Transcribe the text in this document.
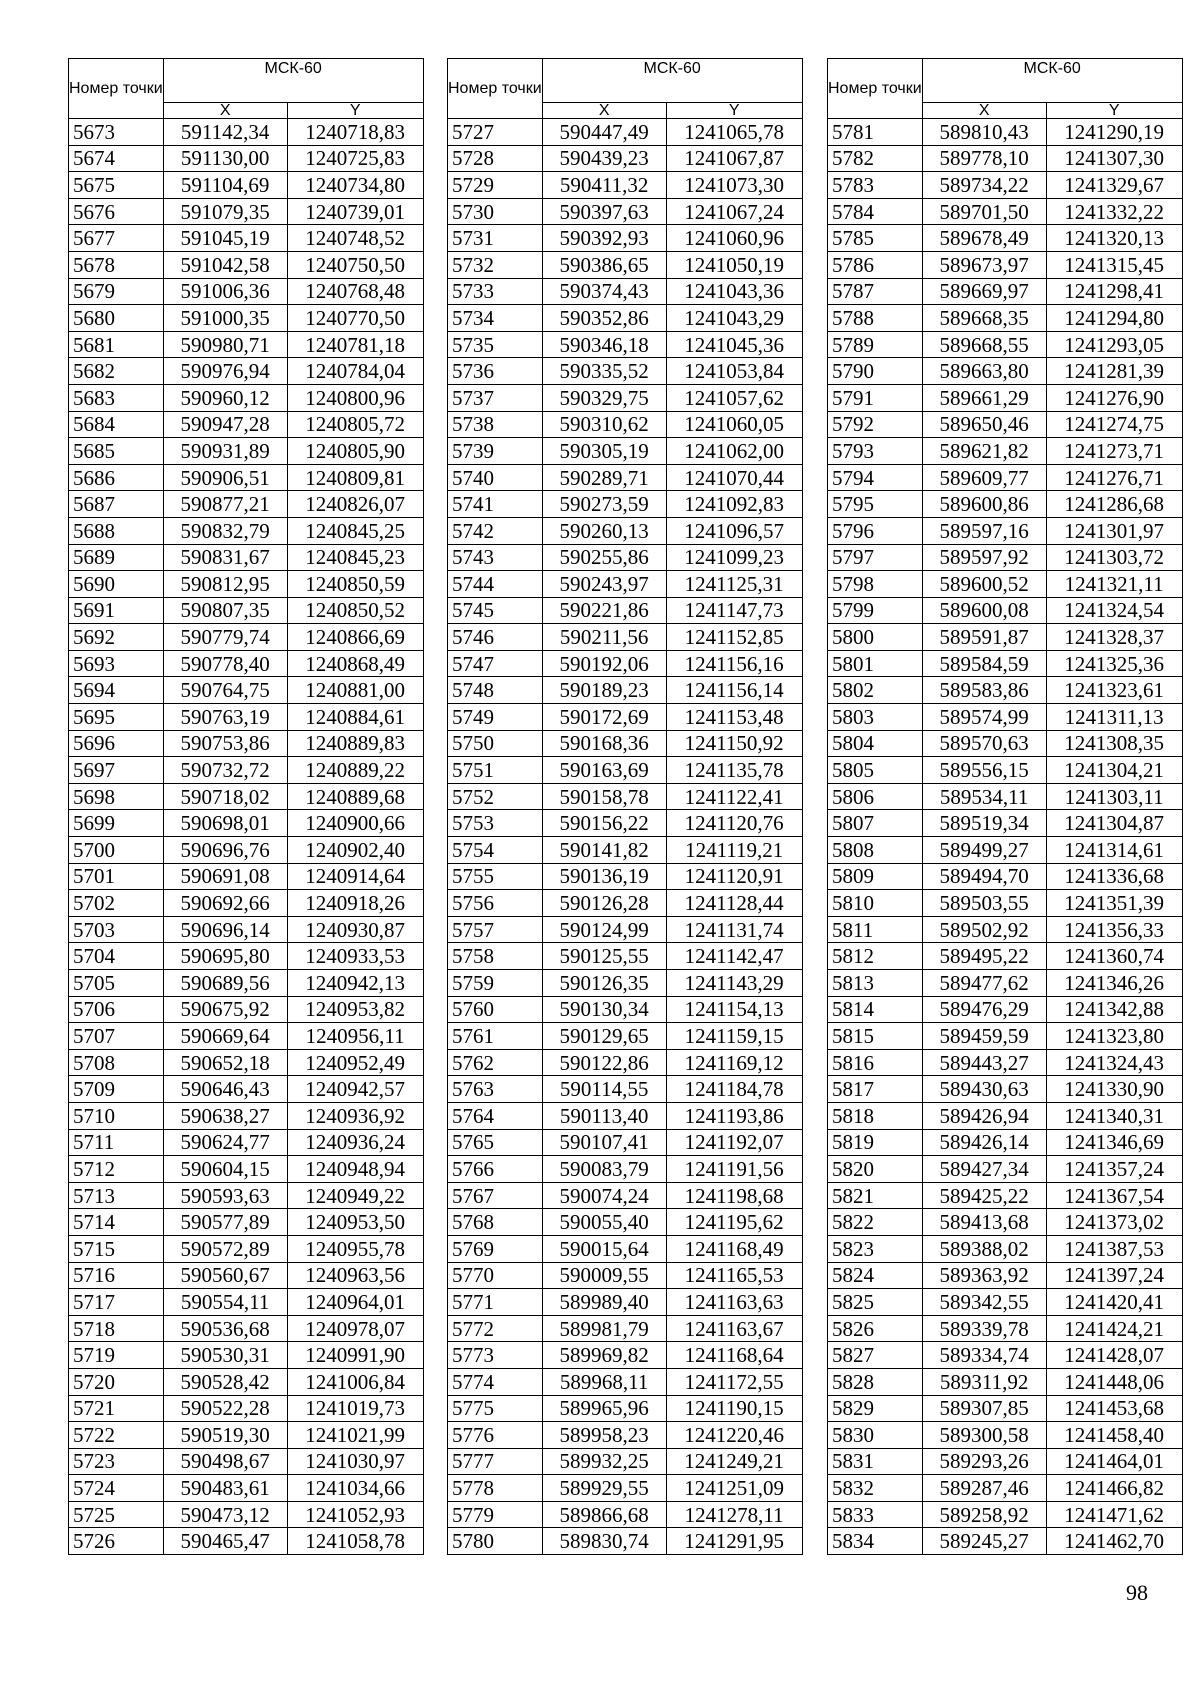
Номер точки	МСК-60	
	X	Y
5673	591142,34	1240718,83
5674	591130,00	1240725,83
5675	591104,69	1240734,80
5676	591079,35	1240739,01
5677	591045,19	1240748,52
5678	591042,58	1240750,50
5679	591006,36	1240768,48
5680	591000,35	1240770,50
5681	590980,71	1240781,18
5682	590976,94	1240784,04
5683	590960,12	1240800,96
5684	590947,28	1240805,72
5685	590931,89	1240805,90
5686	590906,51	1240809,81
5687	590877,21	1240826,07
5688	590832,79	1240845,25
5689	590831,67	1240845,23
5690	590812,95	1240850,59
5691	590807,35	1240850,52
5692	590779,74	1240866,69
5693	590778,40	1240868,49
5694	590764,75	1240881,00
5695	590763,19	1240884,61
5696	590753,86	1240889,83
5697	590732,72	1240889,22
5698	590718,02	1240889,68
5699	590698,01	1240900,66
5700	590696,76	1240902,40
5701	590691,08	1240914,64
5702	590692,66	1240918,26
5703	590696,14	1240930,87
5704	590695,80	1240933,53
5705	590689,56	1240942,13
5706	590675,92	1240953,82
5707	590669,64	1240956,11
5708	590652,18	1240952,49
5709	590646,43	1240942,57
5710	590638,27	1240936,92
5711	590624,77	1240936,24
5712	590604,15	1240948,94
5713	590593,63	1240949,22
5714	590577,89	1240953,50
5715	590572,89	1240955,78
5716	590560,67	1240963,56
5717	590554,11	1240964,01
5718	590536,68	1240978,07
5719	590530,31	1240991,90
5720	590528,42	1241006,84
5721	590522,28	1241019,73
5722	590519,30	1241021,99
5723	590498,67	1241030,97
5724	590483,61	1241034,66
5725	590473,12	1241052,93
5726	590465,47	1241058,78
Номер точки	МСК-60	
	X	Y
5727	590447,49	1241065,78
5728	590439,23	1241067,87
5729	590411,32	1241073,30
5730	590397,63	1241067,24
5731	590392,93	1241060,96
5732	590386,65	1241050,19
5733	590374,43	1241043,36
5734	590352,86	1241043,29
5735	590346,18	1241045,36
5736	590335,52	1241053,84
5737	590329,75	1241057,62
5738	590310,62	1241060,05
5739	590305,19	1241062,00
5740	590289,71	1241070,44
5741	590273,59	1241092,83
5742	590260,13	1241096,57
5743	590255,86	1241099,23
5744	590243,97	1241125,31
5745	590221,86	1241147,73
5746	590211,56	1241152,85
5747	590192,06	1241156,16
5748	590189,23	1241156,14
5749	590172,69	1241153,48
5750	590168,36	1241150,92
5751	590163,69	1241135,78
5752	590158,78	1241122,41
5753	590156,22	1241120,76
5754	590141,82	1241119,21
5755	590136,19	1241120,91
5756	590126,28	1241128,44
5757	590124,99	1241131,74
5758	590125,55	1241142,47
5759	590126,35	1241143,29
5760	590130,34	1241154,13
5761	590129,65	1241159,15
5762	590122,86	1241169,12
5763	590114,55	1241184,78
5764	590113,40	1241193,86
5765	590107,41	1241192,07
5766	590083,79	1241191,56
5767	590074,24	1241198,68
5768	590055,40	1241195,62
5769	590015,64	1241168,49
5770	590009,55	1241165,53
5771	589989,40	1241163,63
5772	589981,79	1241163,67
5773	589969,82	1241168,64
5774	589968,11	1241172,55
5775	589965,96	1241190,15
5776	589958,23	1241220,46
5777	589932,25	1241249,21
5778	589929,55	1241251,09
5779	589866,68	1241278,11
5780	589830,74	1241291,95
Номер точки	МСК-60	
	X	Y
5781	589810,43	1241290,19
5782	589778,10	1241307,30
5783	589734,22	1241329,67
5784	589701,50	1241332,22
5785	589678,49	1241320,13
5786	589673,97	1241315,45
5787	589669,97	1241298,41
5788	589668,35	1241294,80
5789	589668,55	1241293,05
5790	589663,80	1241281,39
5791	589661,29	1241276,90
5792	589650,46	1241274,75
5793	589621,82	1241273,71
5794	589609,77	1241276,71
5795	589600,86	1241286,68
5796	589597,16	1241301,97
5797	589597,92	1241303,72
5798	589600,52	1241321,11
5799	589600,08	1241324,54
5800	589591,87	1241328,37
5801	589584,59	1241325,36
5802	589583,86	1241323,61
5803	589574,99	1241311,13
5804	589570,63	1241308,35
5805	589556,15	1241304,21
5806	589534,11	1241303,11
5807	589519,34	1241304,87
5808	589499,27	1241314,61
5809	589494,70	1241336,68
5810	589503,55	1241351,39
5811	589502,92	1241356,33
5812	589495,22	1241360,74
5813	589477,62	1241346,26
5814	589476,29	1241342,88
5815	589459,59	1241323,80
5816	589443,27	1241324,43
5817	589430,63	1241330,90
5818	589426,94	1241340,31
5819	589426,14	1241346,69
5820	589427,34	1241357,24
5821	589425,22	1241367,54
5822	589413,68	1241373,02
5823	589388,02	1241387,53
5824	589363,92	1241397,24
5825	589342,55	1241420,41
5826	589339,78	1241424,21
5827	589334,74	1241428,07
5828	589311,92	1241448,06
5829	589307,85	1241453,68
5830	589300,58	1241458,40
5831	589293,26	1241464,01
5832	589287,46	1241466,82
5833	589258,92	1241471,62
5834	589245,27	1241462,70
98
